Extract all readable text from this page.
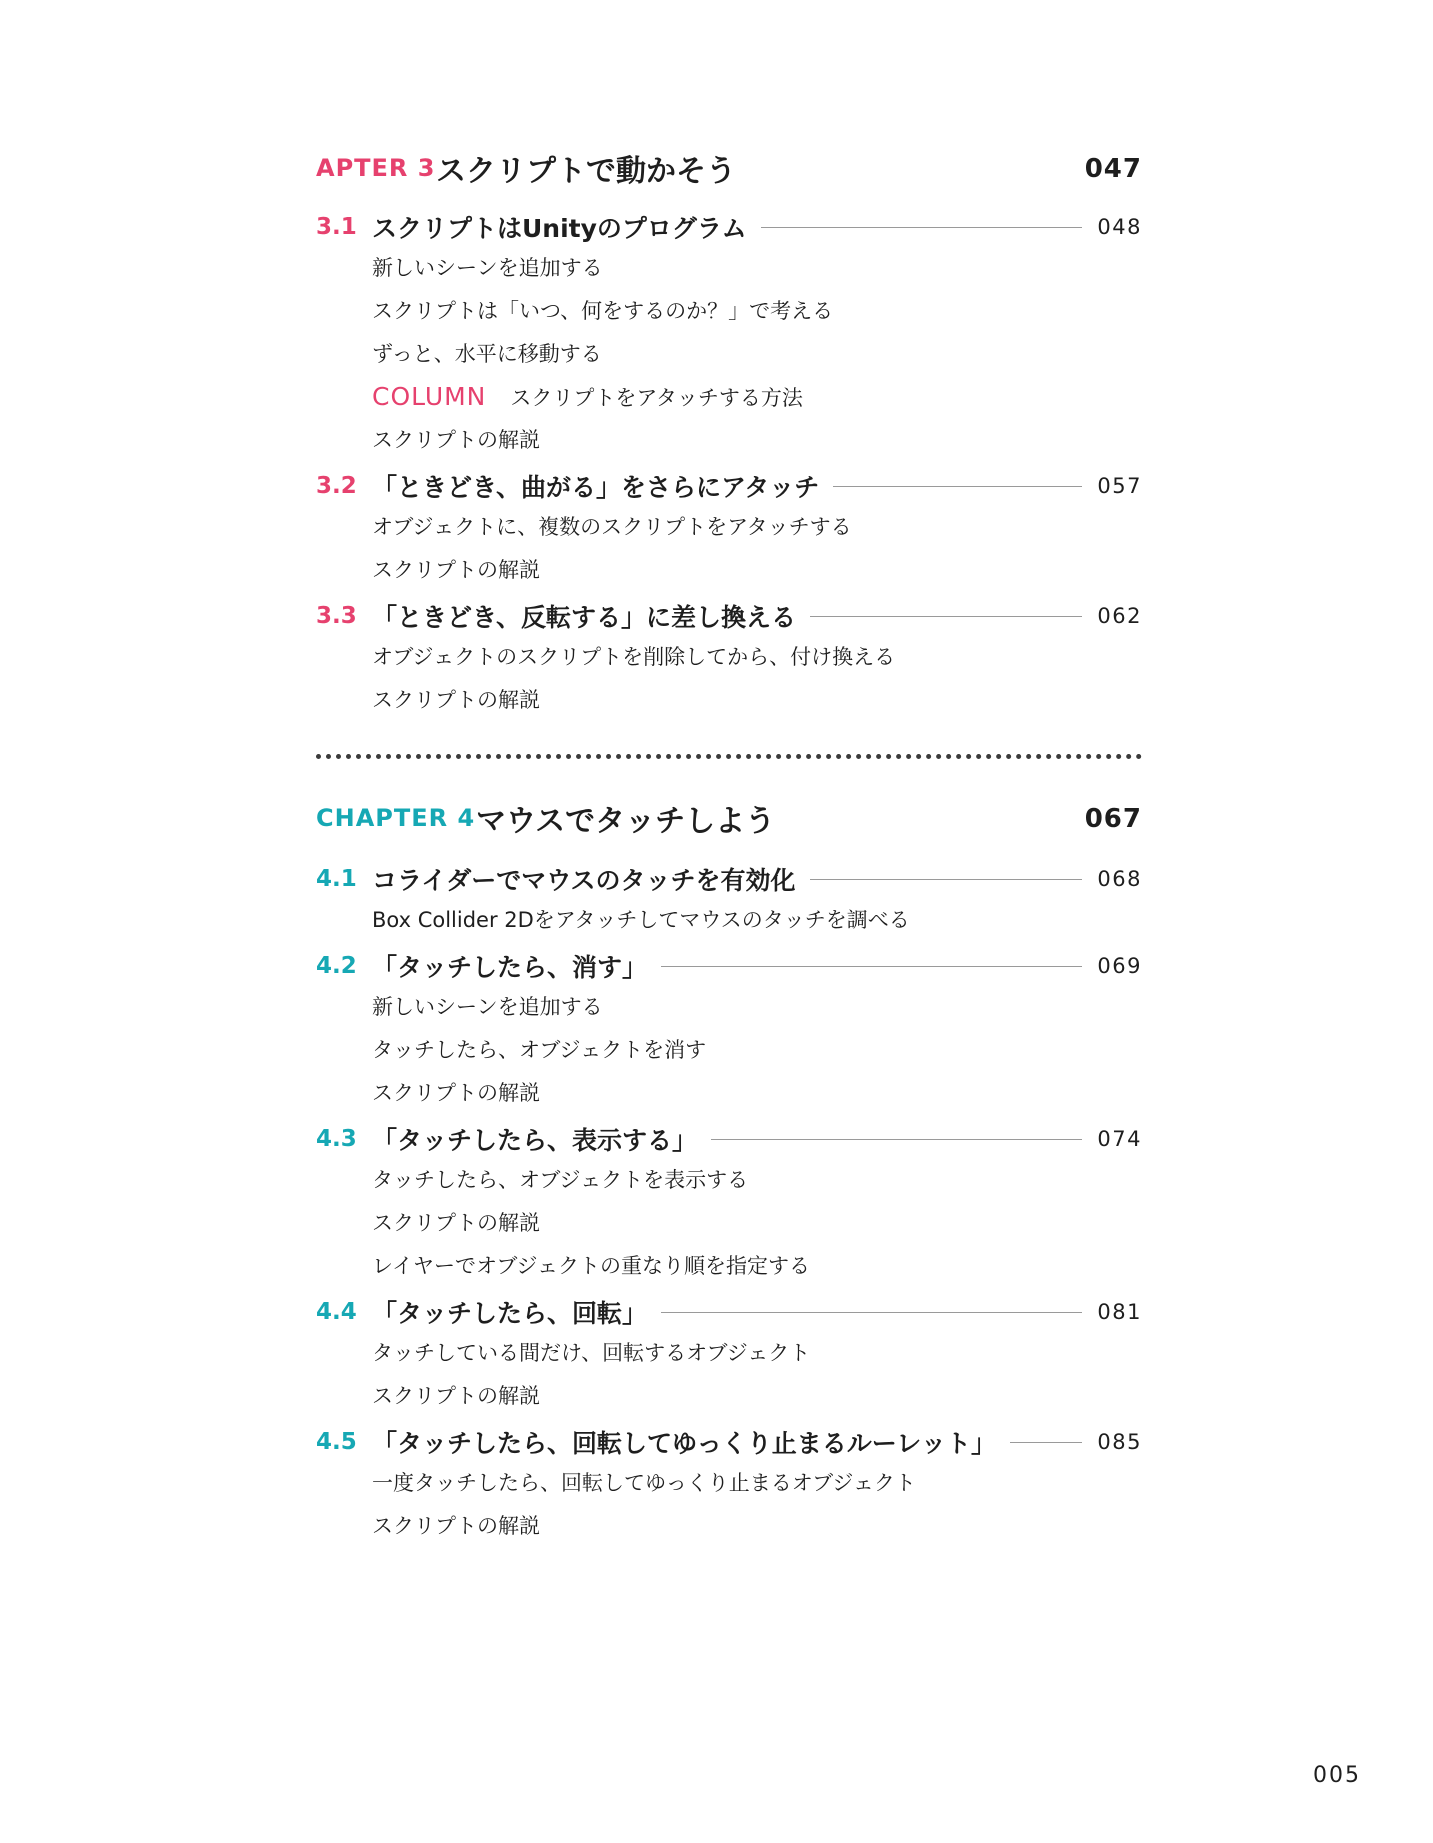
APTER 3 スクリプトで動かそう	047
3.1 スクリプトはUnityのプログラム	048
新しいシーンを追加する
スクリプトは「いつ、何をするのか？」で考える
ずっと、水平に移動する
COLUMN スクリプトをアタッチする方法
スクリプトの解説
3.2 「ときどき、曲がる」をさらにアタッチ	057
オブジェクトに、複数のスクリプトをアタッチする
スクリプトの解説
3.3 「ときどき、反転する」に差し換える	062
オブジェクトのスクリプトを削除してから、付け換える
スクリプトの解説
CHAPTER 4 マウスでタッチしよう	067
4.1 コライダーでマウスのタッチを有効化	068
Box Collider 2Dをアタッチしてマウスのタッチを調べる
4.2 「タッチしたら、消す」	069
新しいシーンを追加する
タッチしたら、オブジェクトを消す
スクリプトの解説
4.3 「タッチしたら、表示する」	074
タッチしたら、オブジェクトを表示する
スクリプトの解説
レイヤーでオブジェクトの重なり順を指定する
4.4 「タッチしたら、回転」	081
タッチしている間だけ、回転するオブジェクト
スクリプトの解説
4.5 「タッチしたら、回転してゆっくり止まるルーレット」	085
一度タッチしたら、回転してゆっくり止まるオブジェクト
スクリプトの解説
005
